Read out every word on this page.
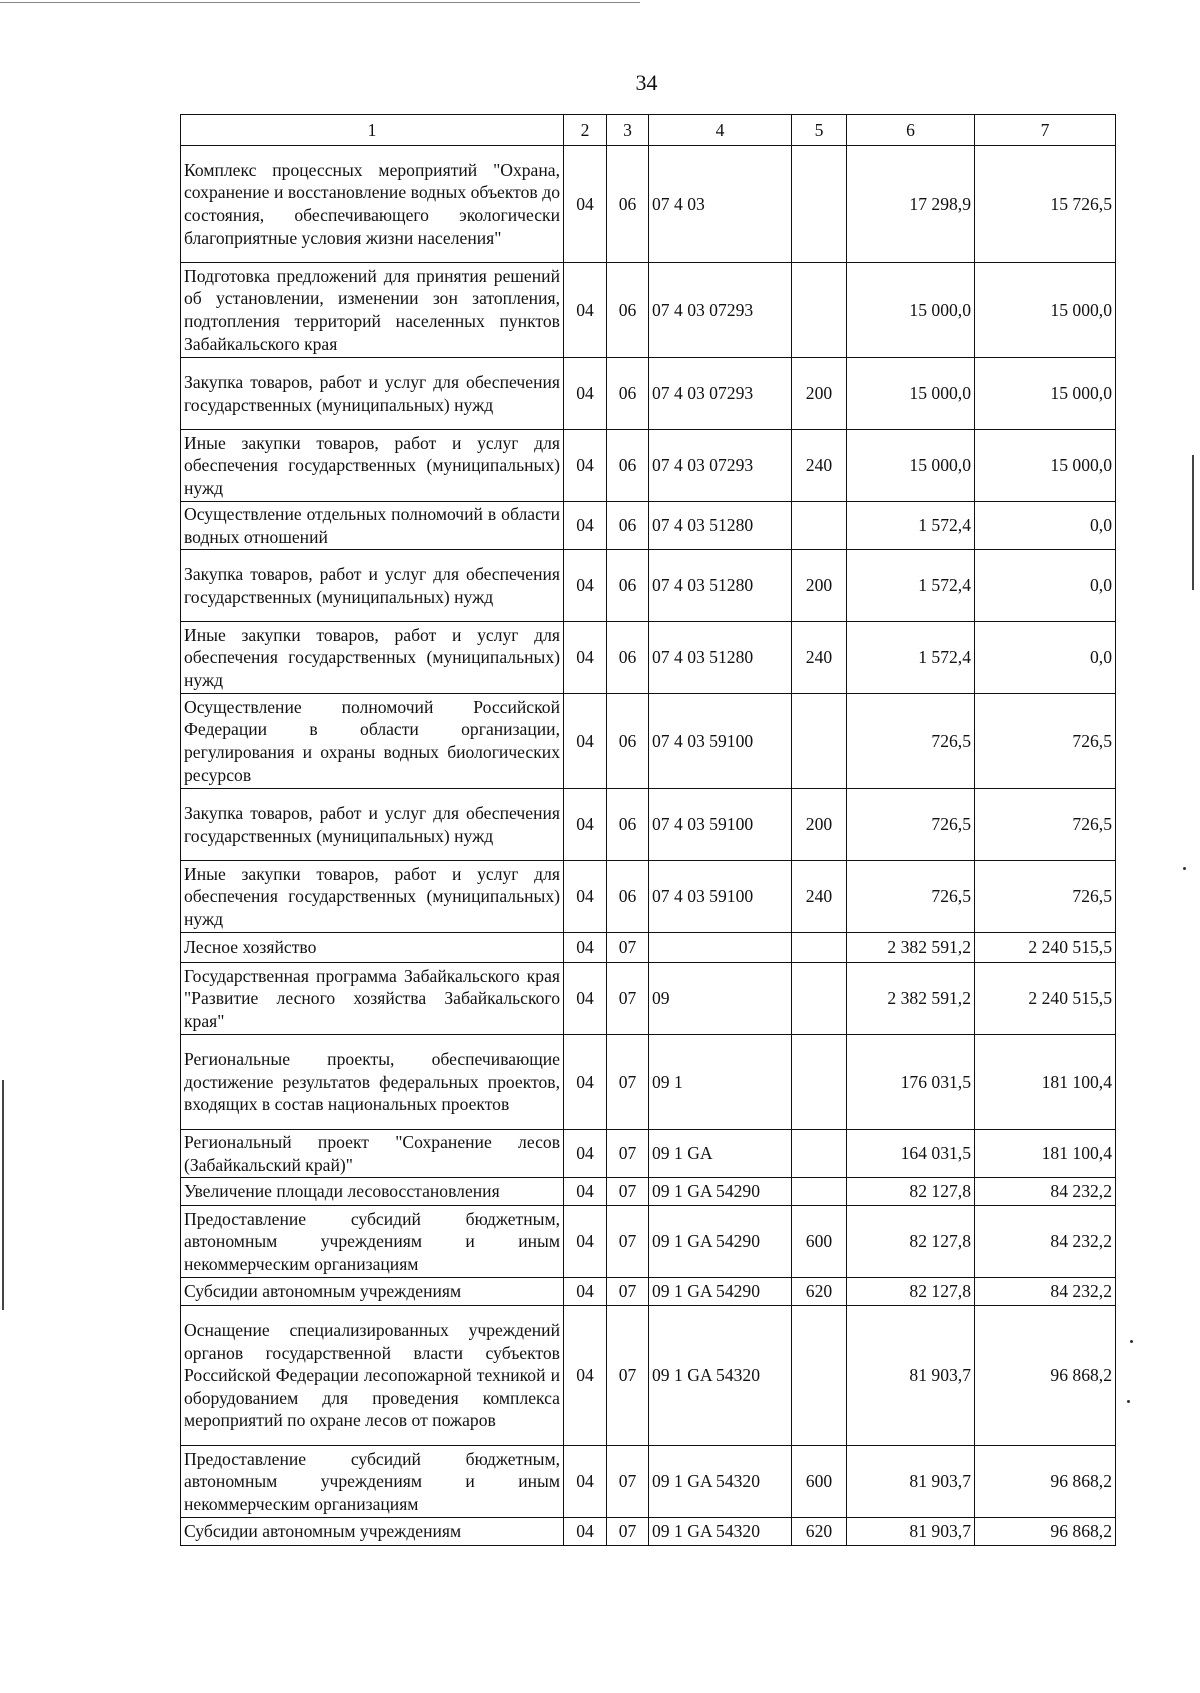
34
1	2	3	4	5	6	7
Комплекс процессных мероприятий "Охрана, сохранение и восстановление водных объектов до состояния, обеспечивающего экологически благоприятные условия жизни населения"	04	06	07 4 03		17 298,9	15 726,5
Подготовка предложений для принятия решений об установлении, изменении зон затопления, подтопления территорий населенных пунктов Забайкальского края	04	06	07 4 03 07293		15 000,0	15 000,0
Закупка товаров, работ и услуг для обеспечения государственных (муниципальных) нужд	04	06	07 4 03 07293	200	15 000,0	15 000,0
Иные закупки товаров, работ и услуг для обеспечения государственных (муниципальных) нужд	04	06	07 4 03 07293	240	15 000,0	15 000,0
Осуществление отдельных полномочий в области водных отношений	04	06	07 4 03 51280		1 572,4	0,0
Закупка товаров, работ и услуг для обеспечения государственных (муниципальных) нужд	04	06	07 4 03 51280	200	1 572,4	0,0
Иные закупки товаров, работ и услуг для обеспечения государственных (муниципальных) нужд	04	06	07 4 03 51280	240	1 572,4	0,0
Осуществление полномочий Российской Федерации в области организации, регулирования и охраны водных биологических ресурсов	04	06	07 4 03 59100		726,5	726,5
Закупка товаров, работ и услуг для обеспечения государственных (муниципальных) нужд	04	06	07 4 03 59100	200	726,5	726,5
Иные закупки товаров, работ и услуг для обеспечения государственных (муниципальных) нужд	04	06	07 4 03 59100	240	726,5	726,5
Лесное хозяйство	04	07			2 382 591,2	2 240 515,5
Государственная программа Забайкальского края "Развитие лесного хозяйства Забайкальского края"	04	07	09		2 382 591,2	2 240 515,5
Региональные проекты, обеспечивающие достижение результатов федеральных проектов, входящих в состав национальных проектов	04	07	09 1		176 031,5	181 100,4
Региональный проект "Сохранение лесов (Забайкальский край)"	04	07	09 1 GA		164 031,5	181 100,4
Увеличение площади лесовосстановления	04	07	09 1 GA 54290		82 127,8	84 232,2
Предоставление субсидий бюджетным, автономным учреждениям и иным некоммерческим организациям	04	07	09 1 GA 54290	600	82 127,8	84 232,2
Субсидии автономным учреждениям	04	07	09 1 GA 54290	620	82 127,8	84 232,2
Оснащение специализированных учреждений органов государственной власти субъектов Российской Федерации лесопожарной техникой и оборудованием для проведения комплекса мероприятий по охране лесов от пожаров	04	07	09 1 GA 54320		81 903,7	96 868,2
Предоставление субсидий бюджетным, автономным учреждениям и иным некоммерческим организациям	04	07	09 1 GA 54320	600	81 903,7	96 868,2
Субсидии автономным учреждениям	04	07	09 1 GA 54320	620	81 903,7	96 868,2
